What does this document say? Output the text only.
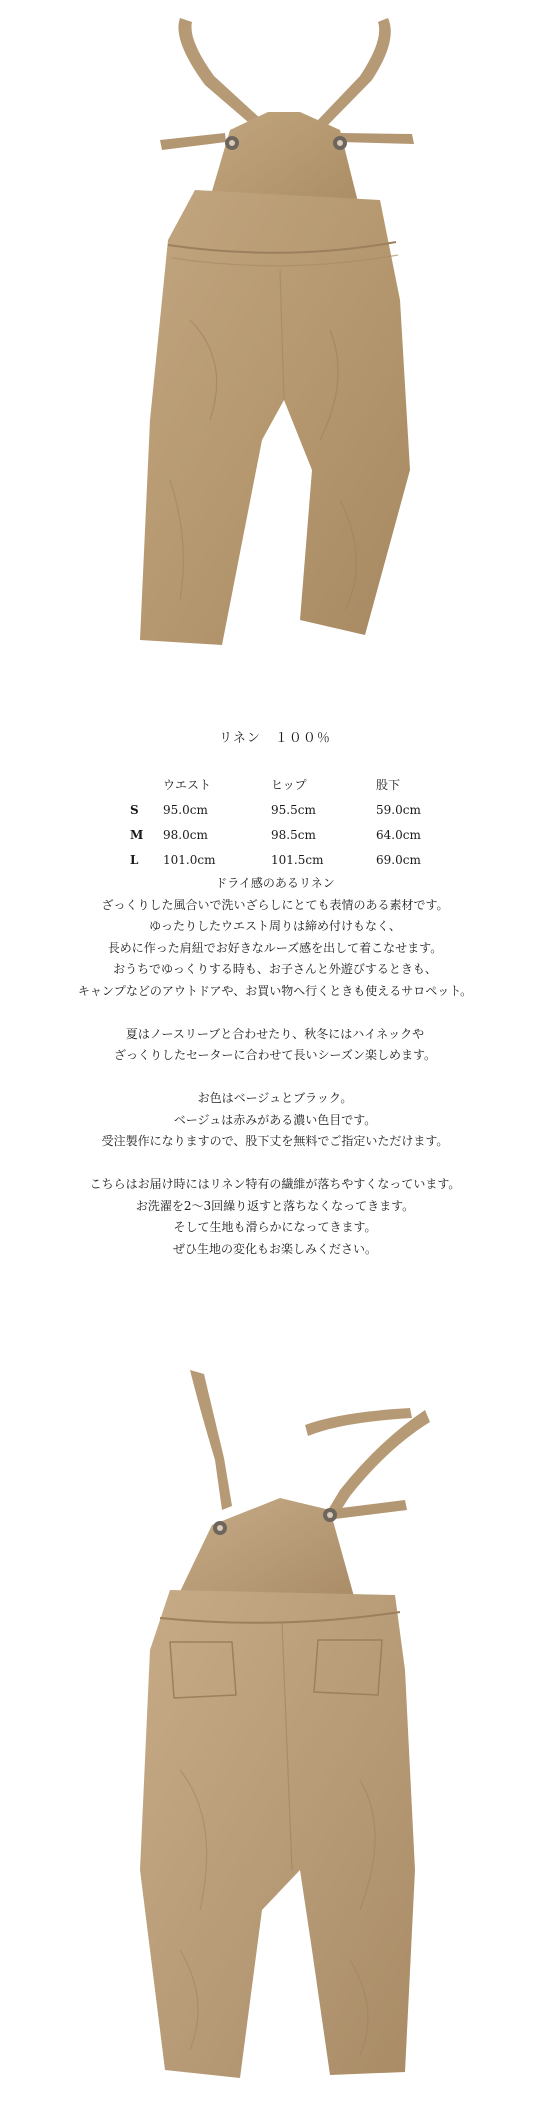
リネン　１００％
	ウエスト	ヒップ	股下
S	95.0cm	95.5cm	59.0cm
M	98.0cm	98.5cm	64.0cm
L	101.0cm	101.5cm	69.0cm
ドライ感のあるリネン
ざっくりした風合いで洗いざらしにとても表情のある素材です。
ゆったりしたウエスト周りは締め付けもなく、
長めに作った肩紐でお好きなルーズ感を出して着こなせます。
おうちでゆっくりする時も、お子さんと外遊びするときも、
キャンプなどのアウトドアや、お買い物へ行くときも使えるサロペット。
夏はノースリーブと合わせたり、秋冬にはハイネックや
ざっくりしたセーターに合わせて長いシーズン楽しめます。
お色はベージュとブラック。
ベージュは赤みがある濃い色目です。
受注製作になりますので、股下丈を無料でご指定いただけます。
こちらはお届け時にはリネン特有の繊維が落ちやすくなっています。
お洗濯を2～3回繰り返すと落ちなくなってきます。
そして生地も滑らかになってきます。
ぜひ生地の変化もお楽しみください。
